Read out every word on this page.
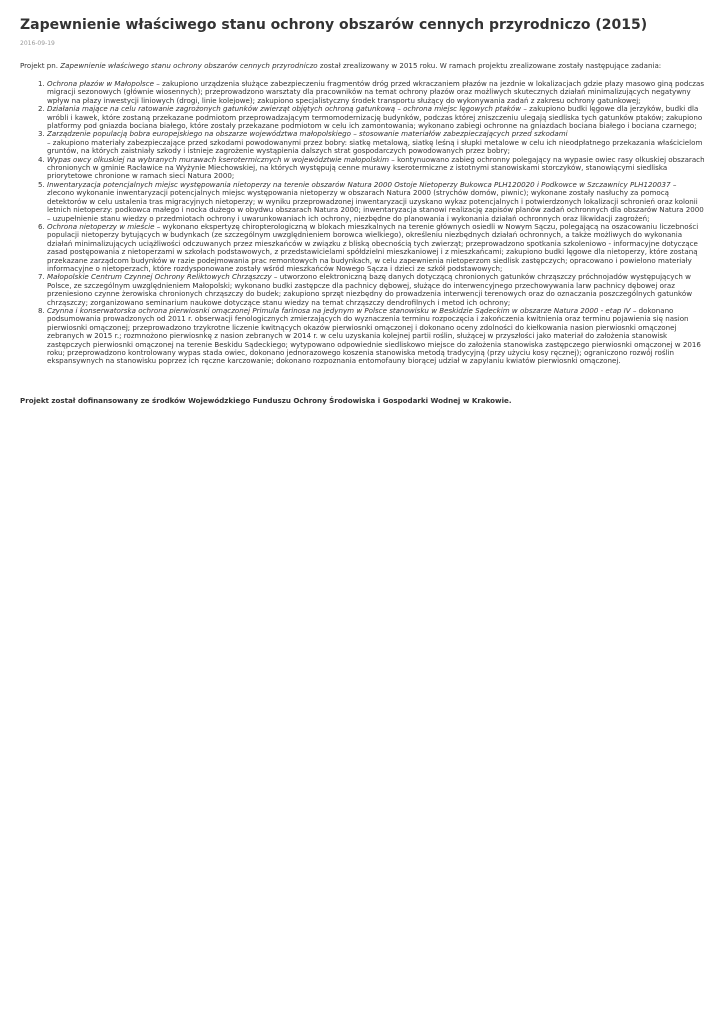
Zapewnienie właściwego stanu ochrony obszarów cennych przyrodniczo (2015)
2016-09-19

Projekt pn. Zapewnienie właściwego stanu ochrony obszarów cennych przyrodniczo został zrealizowany w 2015 roku. W ramach projektu zrealizowane zostały następujące zadania:

1. Ochrona płazów w Małopolsce – zakupiono urządzenia służące zabezpieczeniu fragmentów dróg przed wkraczaniem płazów na jezdnie w lokalizacjach gdzie płazy masowo giną podczas migracji sezonowych (głównie wiosennych); przeprowadzono warsztaty dla pracowników na temat ochrony płazów oraz możliwych skutecznych działań minimalizujących negatywny wpływ na płazy inwestycji liniowych (drogi, linie kolejowe); zakupiono specjalistyczny środek transportu służący do wykonywania zadań z zakresu ochrony gatunkowej;
2. Działania mające na celu ratowanie zagrożonych gatunków zwierząt objętych ochroną gatunkową – ochrona miejsc lęgowych ptaków – zakupiono budki lęgowe dla jerzyków, budki dla wróbli i kawek, które zostaną przekazane podmiotom przeprowadzającym termomodernizację budynków, podczas której zniszczeniu ulegają siedliska tych gatunków ptaków; zakupiono platformy pod gniazda bociana białego, które zostały przekazane podmiotom w celu ich zamontowania; wykonano zabiegi ochronne na gniazdach bociana białego i bociana czarnego;
3. Zarządzenie populacją bobra europejskiego na obszarze województwa małopolskiego – stosowanie materiałów zabezpieczających przed szkodami
– zakupiono materiały zabezpieczające przed szkodami powodowanymi przez bobry: siatkę metalową, siatkę leśną i słupki metalowe w celu ich nieodpłatnego przekazania właścicielom gruntów, na których zaistniały szkody i istnieje zagrożenie wystąpienia dalszych strat gospodarczych powodowanych przez bobry;
4. Wypas owcy olkuskiej na wybranych murawach kserotermicznych w województwie małopolskim – kontynuowano zabieg ochronny polegający na wypasie owiec rasy olkuskiej obszarach chronionych w gminie Racławice na Wyżynie Miechowskiej, na których występują cenne murawy kserotermiczne z istotnymi stanowiskami storczyków, stanowiącymi siedliska priorytetowe chronione w ramach sieci Natura 2000;
5. Inwentaryzacja potencjalnych miejsc występowania nietoperzy na terenie obszarów Natura 2000 Ostoje Nietoperzy Bukowca PLH120020 i Podkowce w Szczawnicy PLH120037 – zlecono wykonanie inwentaryzacji potencjalnych miejsc występowania nietoperzy w obszarach Natura 2000 (strychów domów, piwnic); wykonane zostały nasłuchy za pomocą detektorów w celu ustalenia tras migracyjnych nietoperzy; w wyniku przeprowadzonej inwentaryzacji uzyskano wykaz potencjalnych i potwierdzonych lokalizacji schronień oraz kolonii letnich nietoperzy: podkowca małego i nocka dużego w obydwu obszarach Natura 2000; inwentaryzacja stanowi realizację zapisów planów zadań ochronnych dla obszarów Natura 2000 – uzupełnienie stanu wiedzy o przedmiotach ochrony i uwarunkowaniach ich ochrony, niezbędne do planowania i wykonania działań ochronnych oraz likwidacji zagrożeń;
6. Ochrona nietoperzy w mieście – wykonano ekspertyzę chiropterologiczną w blokach mieszkalnych na terenie głównych osiedli w Nowym Sączu, polegającą na oszacowaniu liczebności populacji nietoperzy bytujących w budynkach (ze szczególnym uwzględnieniem borowca wielkiego), określeniu niezbędnych działań ochronnych, a także możliwych do wykonania działań minimalizujących uciążliwości odczuwanych przez mieszkańców w związku z bliską obecnością tych zwierząt; przeprowadzono spotkania szkoleniowo - informacyjne dotyczące zasad postępowania z nietoperzami w szkołach podstawowych, z przedstawicielami spółdzielni mieszkaniowej i z mieszkańcami; zakupiono budki lęgowe dla nietoperzy, które zostaną przekazane zarządcom budynków w razie podejmowania prac remontowych na budynkach, w celu zapewnienia nietoperzom siedlisk zastępczych; opracowano i powielono materiały informacyjne o nietoperzach, które rozdysponowane zostały wśród mieszkańców Nowego Sącza i dzieci ze szkół podstawowych;
7. Małopolskie Centrum Czynnej Ochrony Reliktowych Chrząszczy – utworzono elektroniczną bazę danych dotyczącą chronionych gatunków chrząszczy próchnojadów występujących w Polsce, ze szczególnym uwzględnieniem Małopolski; wykonano budki zastępcze dla pachnicy dębowej, służące do interwencyjnego przechowywania larw pachnicy dębowej oraz przeniesiono czynne żerowiska chronionych chrząszczy do budek; zakupiono sprzęt niezbędny do prowadzenia interwencji terenowych oraz do oznaczania poszczególnych gatunków chrząszczy; zorganizowano seminarium naukowe dotyczące stanu wiedzy na temat chrząszczy dendrofilnych i metod ich ochrony;
8. Czynna i konserwatorska ochrona pierwiosnki omączonej Primula farinosa na jedynym w Polsce stanowisku w Beskidzie Sądeckim w obszarze Natura 2000 - etap IV – dokonano podsumowania prowadzonych od 2011 r. obserwacji fenologicznych zmierzających do wyznaczenia terminu rozpoczęcia i zakończenia kwitnienia oraz terminu pojawienia się nasion pierwiosnki omączonej; przeprowadzono trzykrotne liczenie kwitnących okazów pierwiosnki omączonej i dokonano oceny zdolności do kiełkowania nasion pierwiosnki omączonej zebranych w 2015 r.; rozmnożono pierwiosnkę z nasion zebranych w 2014 r. w celu uzyskania kolejnej partii roślin, służącej w przyszłości jako materiał do założenia stanowisk zastępczych pierwiosnki omączonej na terenie Beskidu Sądeckiego; wytypowano odpowiednie siedliskowo miejsce do założenia stanowiska zastępczego pierwiosnki omączonej w 2016 roku; przeprowadzono kontrolowany wypas stada owiec, dokonano jednorazowego koszenia stanowiska metodą tradycyjną (przy użyciu kosy ręcznej); ograniczono rozwój roślin ekspansywnych na stanowisku poprzez ich ręczne karczowanie; dokonano rozpoznania entomofauny biorącej udział w zapylaniu kwiatów pierwiosnki omączonej.

Projekt został dofinansowany ze środków Wojewódzkiego Funduszu Ochrony Środowiska i Gospodarki Wodnej w Krakowie.
